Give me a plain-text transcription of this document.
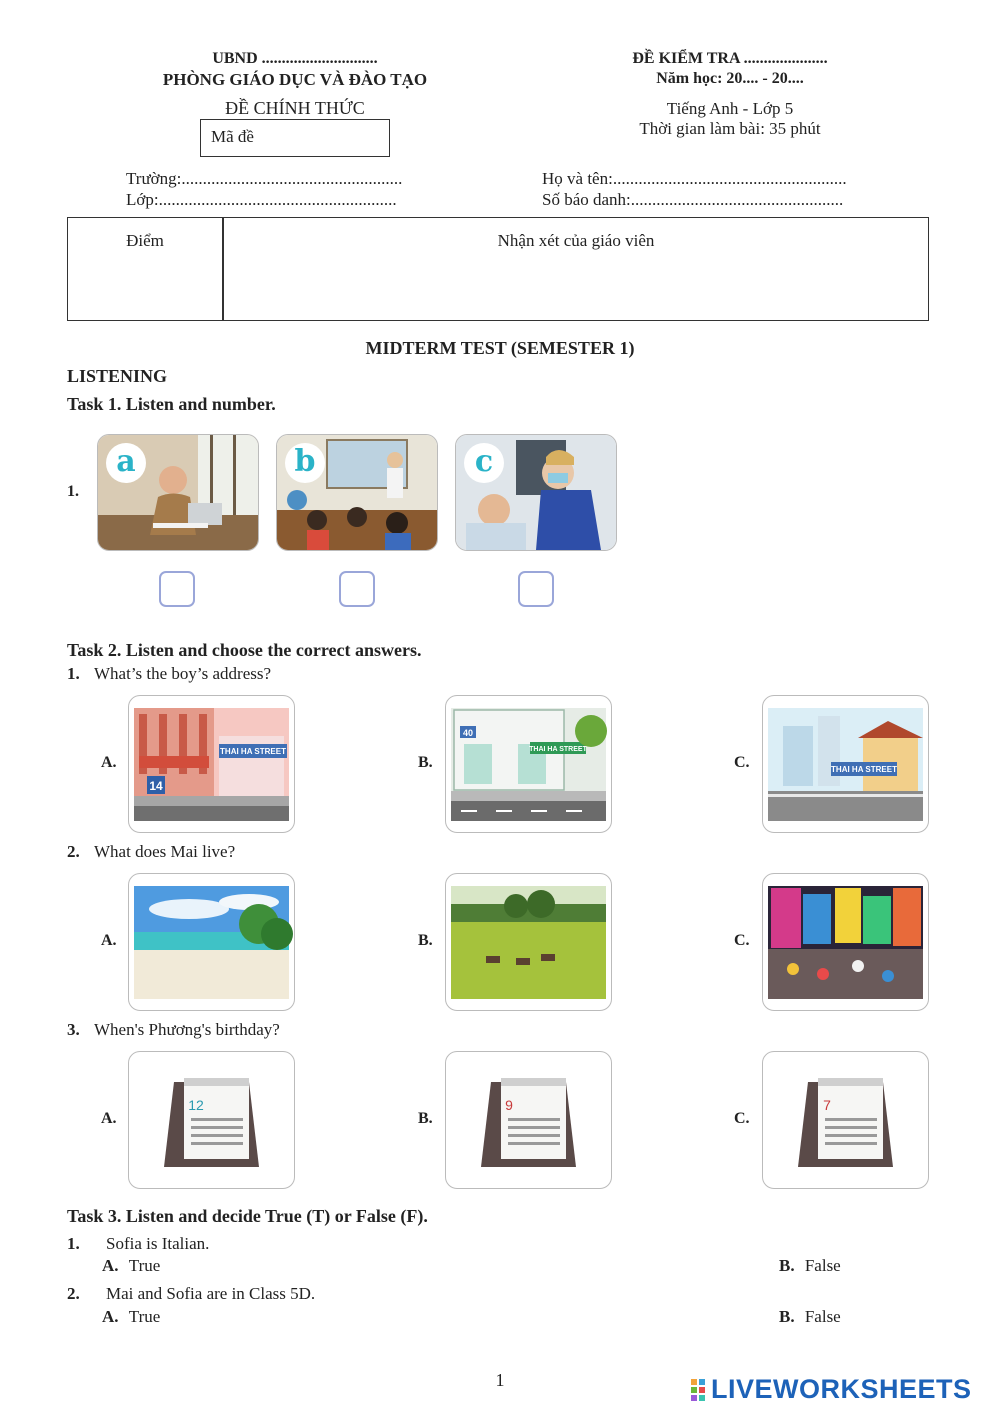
UBND .............................
PHÒNG GIÁO DỤC VÀ ĐÀO TẠO
ĐỀ CHÍNH THỨC
Mã đề
ĐỀ KIỂM TRA .....................
Năm học: 20.... - 20....
Tiếng Anh - Lớp 5
Thời gian làm bài: 35 phút
Trường:....................................................
Lớp:........................................................
Họ và tên:.......................................................
Số báo danh:..................................................
Điểm	Nhận xét của giáo viên
MIDTERM TEST (SEMESTER 1)
LISTENING
Task 1. Listen and number.
1.
a	b	c
Task 2. Listen and choose the correct answers.
1. What’s the boy’s address?
A.
THAI HA STREET
14
B.
40
THAI HA STREET
C.	THAI HA STREET
2. What does Mai live?
A.	B.	C.
3. When's Phương's birthday?
A.
12
B.
9
C.
7
Task 3. Listen and decide True (T) or False (F).
1. Sofia is Italian.
A. True	B. False
2. Mai and Sofia are in Class 5D.
A. True	B. False
1	LIVEWORKSHEETS
